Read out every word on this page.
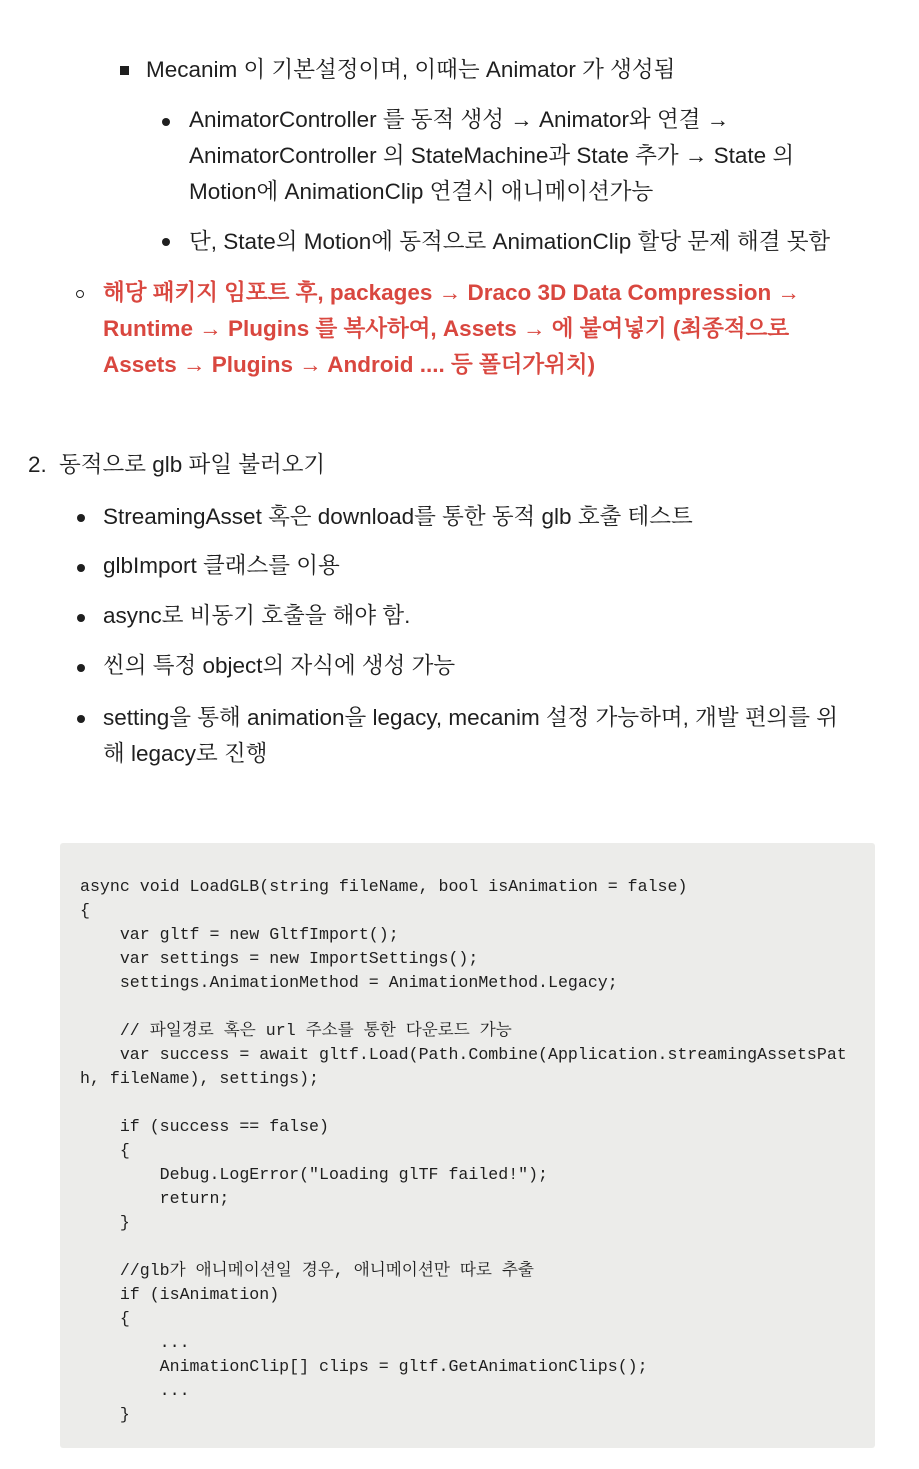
Mecanim 이 기본설정이며, 이때는 Animator 가 생성됨
AnimatorController 를 동적 생성 → Animator와 연결 →
AnimatorController 의 StateMachine과 State 추가 → State 의
Motion에 AnimationClip 연결시 애니메이션가능
단, State의 Motion에 동적으로 AnimationClip 할당 문제 해결 못함
해당 패키지 임포트 후, packages → Draco 3D Data Compression →
Runtime → Plugins 를 복사하여, Assets → 에 붙여넣기 (최종적으로
Assets → Plugins → Android .... 등 폴더가위치)
2. 동적으로 glb 파일 불러오기
StreamingAsset 혹은 download를 통한 동적 glb 호출 테스트
glbImport 클래스를 이용
async로 비동기 호출을 해야 함.
씬의 특정 object의 자식에 생성 가능
setting을 통해 animation을 legacy, mecanim 설정 가능하며, 개발 편의를 위
해 legacy로 진행
async void LoadGLB(string fileName, bool isAnimation = false)
{
var gltf = new GltfImport();
var settings = new ImportSettings();
settings.AnimationMethod = AnimationMethod.Legacy;
// 파일경로 혹은 url 주소를 통한 다운로드 가능
var success = await gltf.Load(Path.Combine(Application.streamingAssetsPat
h, fileName), settings);
if (success == false)
{
Debug.LogError("Loading glTF failed!");
return;
}
//glb가 애니메이션일 경우, 애니메이션만 따로 추출
if (isAnimation)
{
...
AnimationClip[] clips = gltf.GetAnimationClips();
...
}
